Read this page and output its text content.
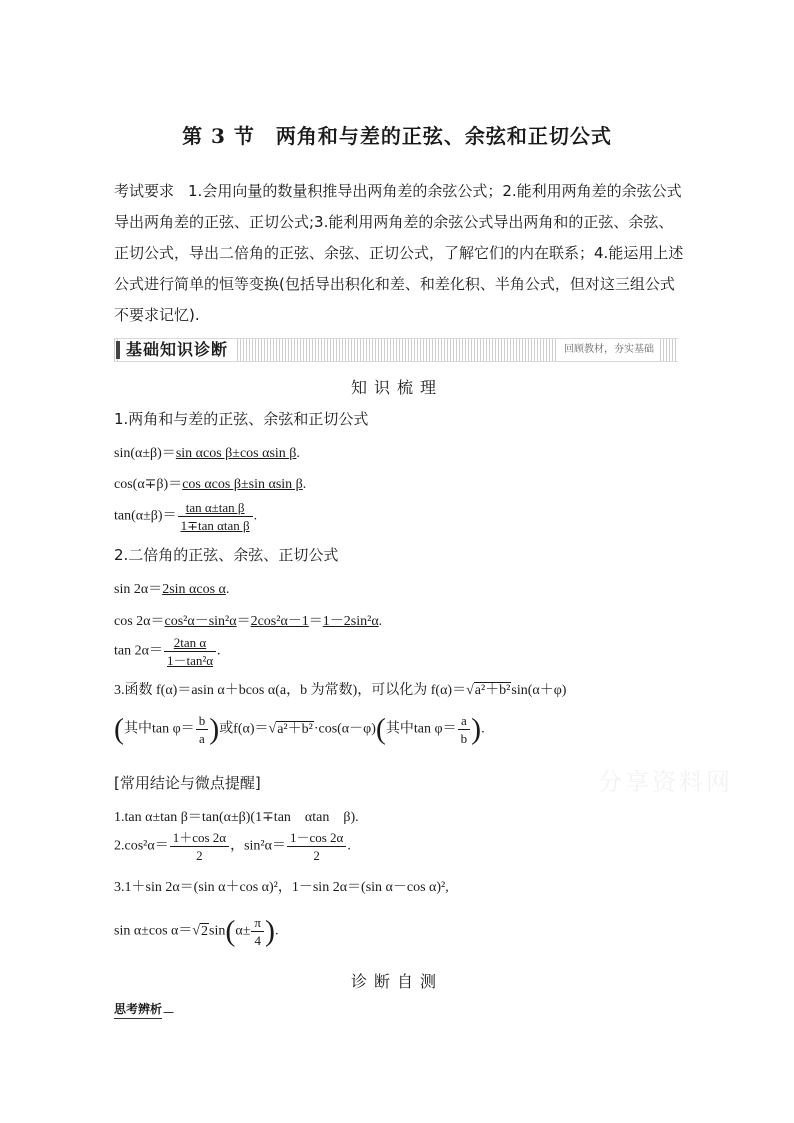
第 3 节　两角和与差的正弦、余弦和正切公式
考试要求 1.会用向量的数量积推导出两角差的余弦公式；2.能利用两角差的余弦公式导出两角差的正弦、正切公式;3.能利用两角差的余弦公式导出两角和的正弦、余弦、正切公式，导出二倍角的正弦、余弦、正切公式，了解它们的内在联系；4.能运用上述公式进行简单的恒等变换(包括导出积化和差、和差化积、半角公式，但对这三组公式不要求记忆).
基础知识诊断	回顾教材，夯实基础
知识梳理
1.两角和与差的正弦、余弦和正切公式
sin(α±β)＝sin αcos β±cos αsin β.
cos(α∓β)＝cos αcos β±sin αsin β.
$\tan(\alpha\pm\beta)= \frac{\text{tan α±tan β}}{\text{1∓tan αtan β}}$ .
2.二倍角的正弦、余弦、正切公式
sin 2α＝2sin αcos α.
cos 2α＝cos²α－sin²α＝2cos²α－1＝1－2sin²α.
$\tan 2\alpha= \frac{\text{2tan α}}{\text{1－tan²α}}$ .
3.函数 f(α)＝asin α＋bcos α(a，b 为常数)，可以化为 f(α)＝√a²＋b²sin(α＋φ)
(其中$\tan \varphi= \frac{b}{a}$ )或f(α)＝√a²＋b²·cos(α－φ)(其中$\tan \varphi= \frac{a}{b}$ ).
[常用结论与微点提醒]	分享资料网
1.tan α±tan β＝tan(α±β)(1∓tan　αtan　β).
$2.\cos^2\alpha= \frac{1+\cos 2\alpha}{2}$ ，$\sin^2\alpha= \frac{1-\cos 2\alpha}{2}$ .
3.1＋sin 2α＝(sin α＋cos α)²，1－sin 2α＝(sin α－cos α)²,
sin α±cos $\alpha=√2\sin(\alpha\pm \frac{\pi}{4}$ ).
诊断自测
思考辨析
